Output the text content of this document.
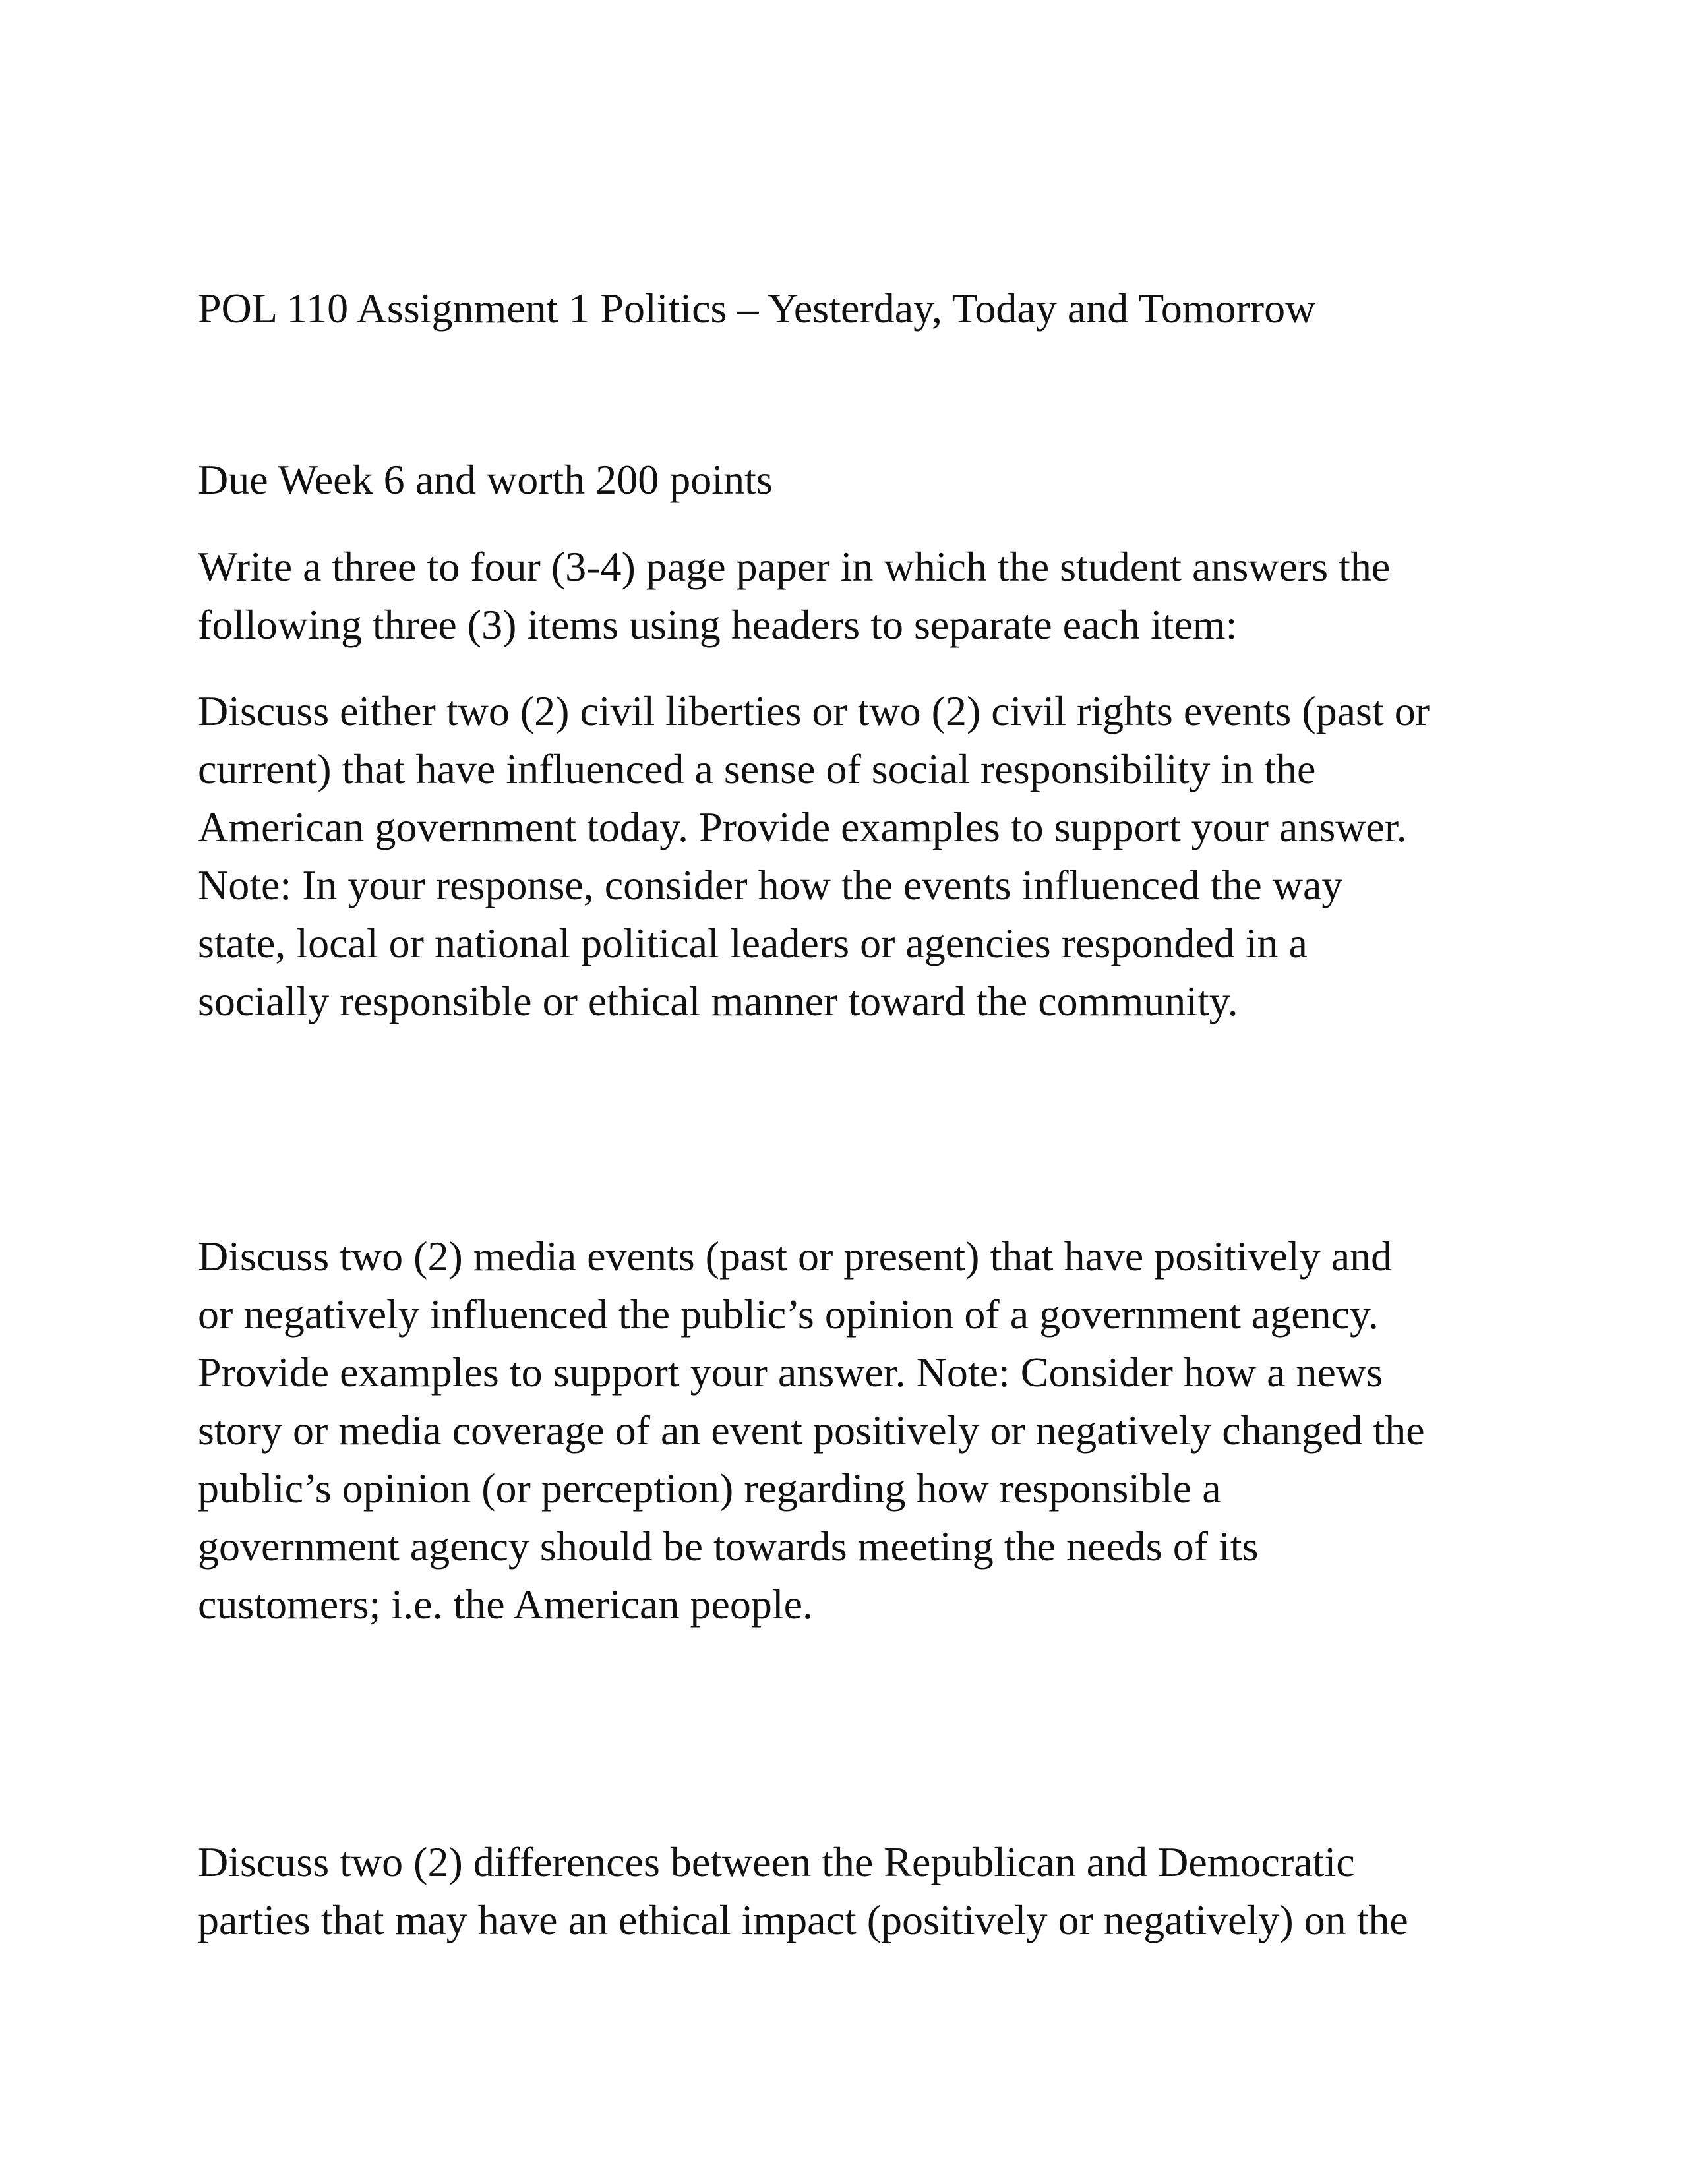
POL 110 Assignment 1 Politics – Yesterday, Today and Tomorrow

Due Week 6 and worth 200 points

Write a three to four (3-4) page paper in which the student answers the
following three (3) items using headers to separate each item:

Discuss either two (2) civil liberties or two (2) civil rights events (past or
current) that have influenced a sense of social responsibility in the
American government today. Provide examples to support your answer.
Note: In your response, consider how the events influenced the way
state, local or national political leaders or agencies responded in a
socially responsible or ethical manner toward the community.

Discuss two (2) media events (past or present) that have positively and
or negatively influenced the public’s opinion of a government agency.
Provide examples to support your answer. Note: Consider how a news
story or media coverage of an event positively or negatively changed the
public’s opinion (or perception) regarding how responsible a
government agency should be towards meeting the needs of its
customers; i.e. the American people.

Discuss two (2) differences between the Republican and Democratic
parties that may have an ethical impact (positively or negatively) on the
